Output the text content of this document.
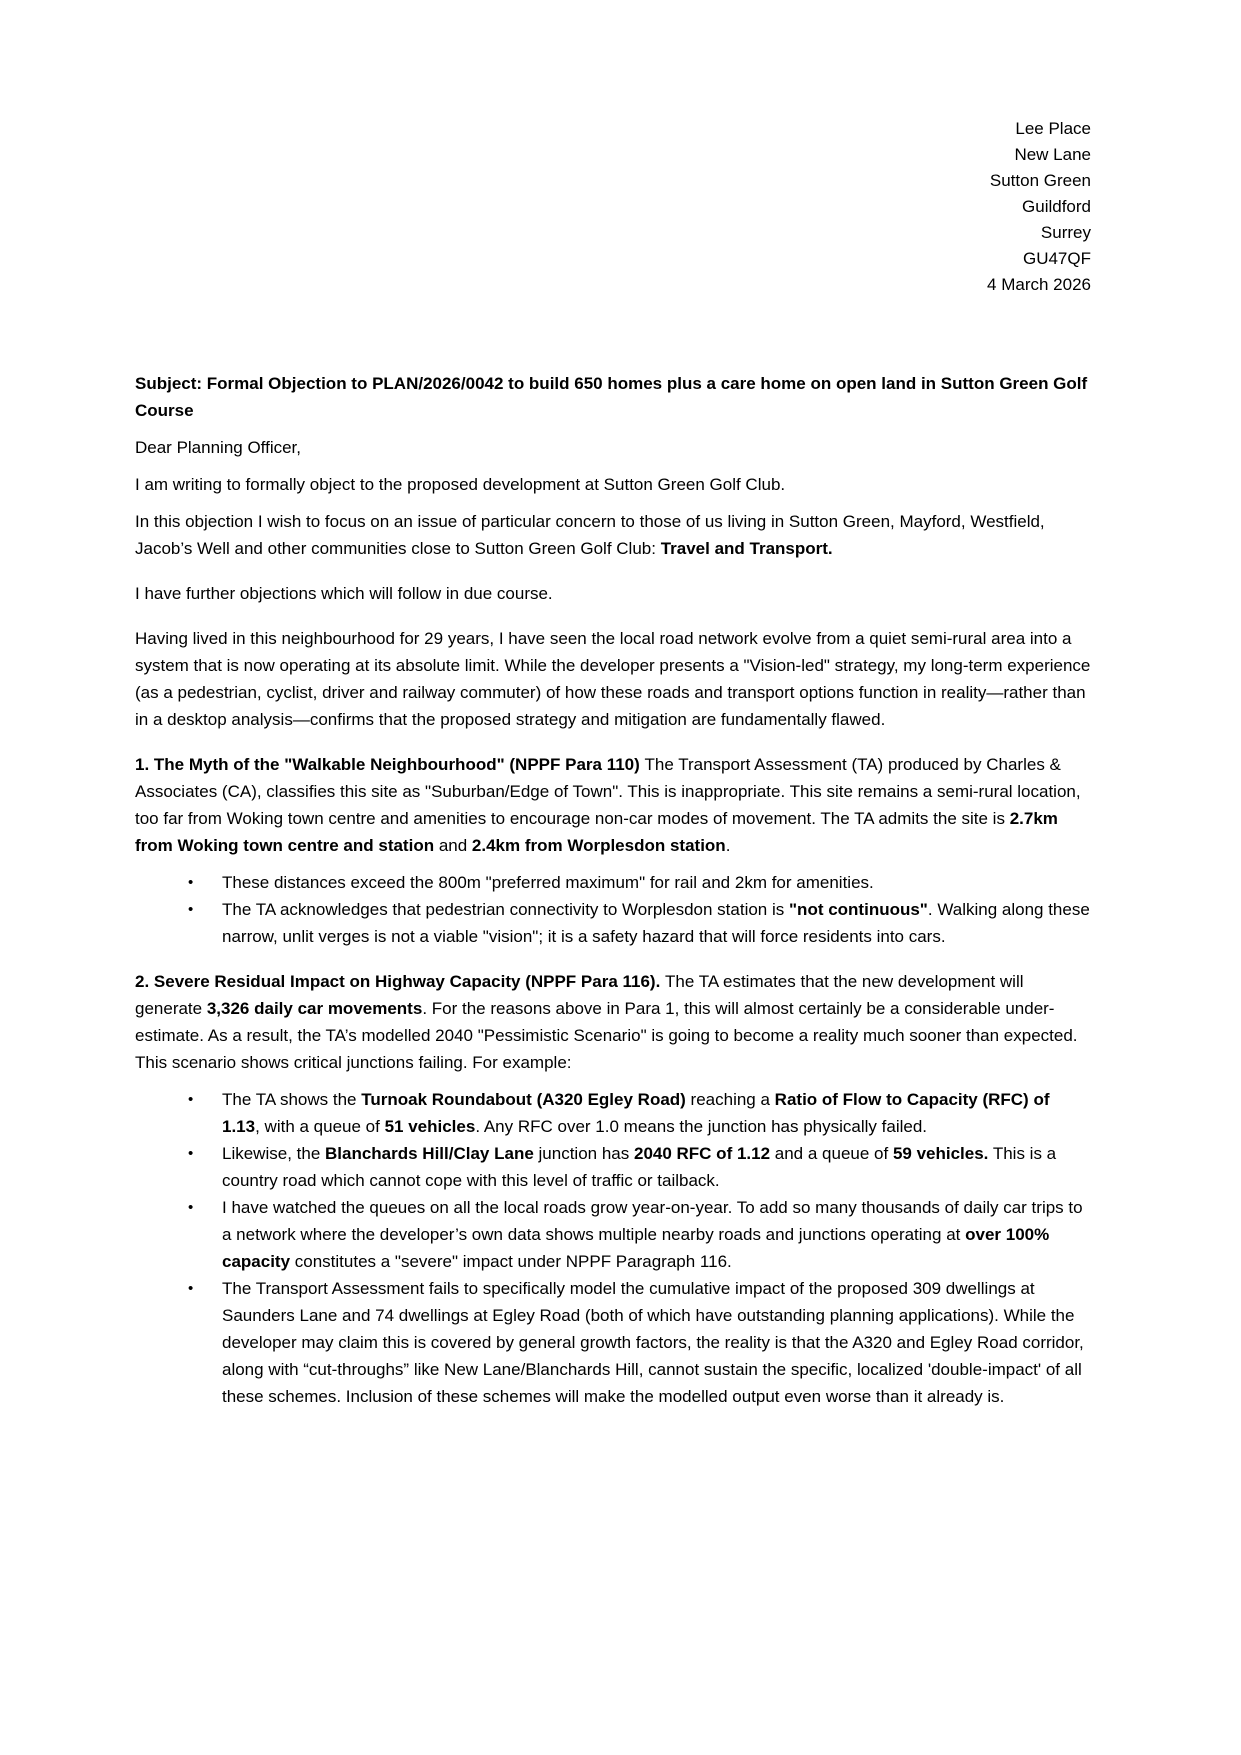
Lee Place
New Lane
Sutton Green
Guildford
Surrey
GU47QF
4 March 2026
Subject: Formal Objection to PLAN/2026/0042 to build 650 homes plus a care home on open land in Sutton Green Golf Course

Dear Planning Officer,

I am writing to formally object to the proposed development at Sutton Green Golf Club.

In this objection I wish to focus on an issue of particular concern to those of us living in Sutton Green, Mayford, Westfield, Jacob’s Well and other communities close to Sutton Green Golf Club: Travel and Transport.

I have further objections which will follow in due course.

Having lived in this neighbourhood for 29 years, I have seen the local road network evolve from a quiet semi-rural area into a system that is now operating at its absolute limit. While the developer presents a "Vision-led" strategy, my long-term experience (as a pedestrian, cyclist, driver and railway commuter) of how these roads and transport options function in reality—rather than in a desktop analysis—confirms that the proposed strategy and mitigation are fundamentally flawed.

1. The Myth of the "Walkable Neighbourhood" (NPPF Para 110) The Transport Assessment (TA) produced by Charles & Associates (CA), classifies this site as "Suburban/Edge of Town". This is inappropriate. This site remains a semi-rural location, too far from Woking town centre and amenities to encourage non-car modes of movement. The TA admits the site is 2.7km from Woking town centre and station and 2.4km from Worplesdon station.

•	These distances exceed the 800m "preferred maximum" for rail and 2km for amenities.
•	The TA acknowledges that pedestrian connectivity to Worplesdon station is "not continuous". Walking along these narrow, unlit verges is not a viable "vision"; it is a safety hazard that will force residents into cars.

2. Severe Residual Impact on Highway Capacity (NPPF Para 116). The TA estimates that the new development will generate 3,326 daily car movements. For the reasons above in Para 1, this will almost certainly be a considerable under-estimate. As a result, the TA’s modelled 2040 "Pessimistic Scenario" is going to become a reality much sooner than expected. This scenario shows critical junctions failing. For example:

•	The TA shows the Turnoak Roundabout (A320 Egley Road) reaching a Ratio of Flow to Capacity (RFC) of 1.13, with a queue of 51 vehicles. Any RFC over 1.0 means the junction has physically failed.
•	Likewise, the Blanchards Hill/Clay Lane junction has 2040 RFC of 1.12 and a queue of 59 vehicles. This is a country road which cannot cope with this level of traffic or tailback.
•	I have watched the queues on all the local roads grow year-on-year. To add so many thousands of daily car trips to a network where the developer’s own data shows multiple nearby roads and junctions operating at over 100% capacity constitutes a "severe" impact under NPPF Paragraph 116.
•	The Transport Assessment fails to specifically model the cumulative impact of the proposed 309 dwellings at Saunders Lane and 74 dwellings at Egley Road (both of which have outstanding planning applications). While the developer may claim this is covered by general growth factors, the reality is that the A320 and Egley Road corridor, along with “cut-throughs” like New Lane/Blanchards Hill, cannot sustain the specific, localized 'double-impact' of all these schemes. Inclusion of these schemes will make the modelled output even worse than it already is.
